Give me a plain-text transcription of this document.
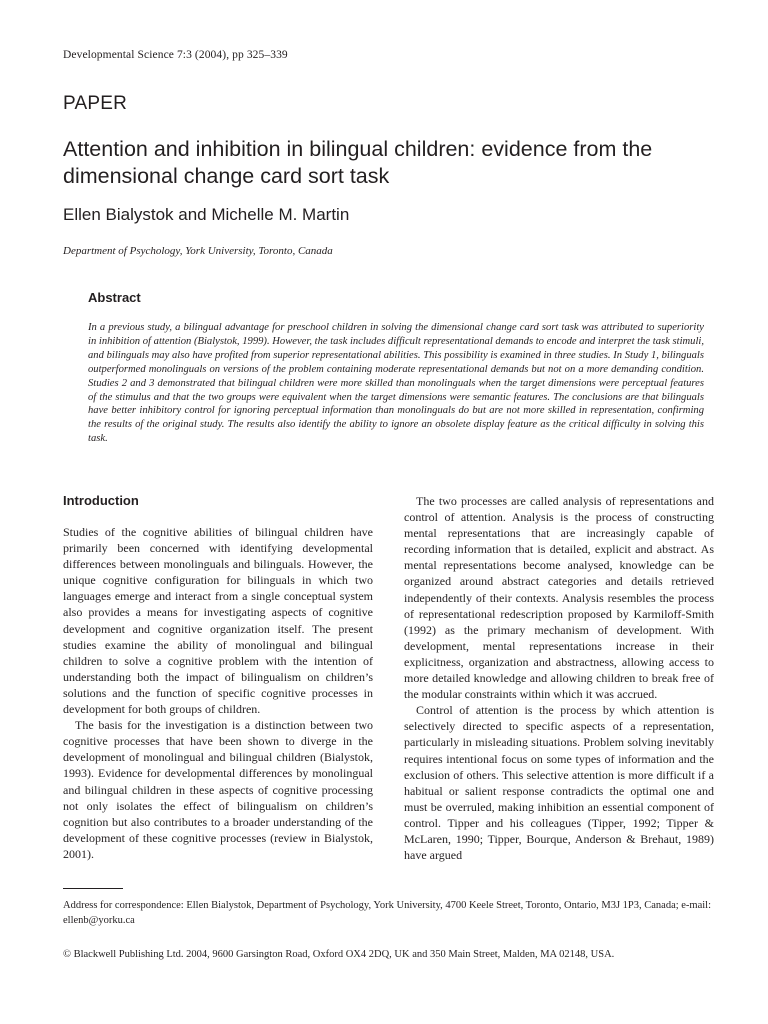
Developmental Science 7:3 (2004), pp 325–339
PAPER
Attention and inhibition in bilingual children: evidence from the dimensional change card sort task
Ellen Bialystok and Michelle M. Martin
Department of Psychology, York University, Toronto, Canada
Abstract
In a previous study, a bilingual advantage for preschool children in solving the dimensional change card sort task was attributed to superiority in inhibition of attention (Bialystok, 1999). However, the task includes difficult representational demands to encode and interpret the task stimuli, and bilinguals may also have profited from superior representational abilities. This possibility is examined in three studies. In Study 1, bilinguals outperformed monolinguals on versions of the problem containing moderate representational demands but not on a more demanding condition. Studies 2 and 3 demonstrated that bilingual children were more skilled than monolinguals when the target dimensions were perceptual features of the stimulus and that the two groups were equivalent when the target dimensions were semantic features. The conclusions are that bilinguals have better inhibitory control for ignoring perceptual information than monolinguals do but are not more skilled in representation, confirming the results of the original study. The results also identify the ability to ignore an obsolete display feature as the critical difficulty in solving this task.
Introduction

Studies of the cognitive abilities of bilingual children have primarily been concerned with identifying developmental differences between monolinguals and bilinguals. However, the unique cognitive configuration for bilinguals in which two languages emerge and interact from a single conceptual system also provides a means for investigating aspects of cognitive development and cognitive organization itself. The present studies examine the ability of monolingual and bilingual children to solve a cognitive problem with the intention of understanding both the impact of bilingualism on children’s solutions and the function of specific cognitive processes in development for both groups of children.

The basis for the investigation is a distinction between two cognitive processes that have been shown to diverge in the development of monolingual and bilingual children (Bialystok, 1993). Evidence for developmental differences by monolingual and bilingual children in these aspects of cognitive processing not only isolates the effect of bilingualism on children’s cognition but also contributes to a broader understanding of the development of these cognitive processes (review in Bialystok, 2001).

The two processes are called analysis of representations and control of attention. Analysis is the process of constructing mental representations that are increasingly capable of recording information that is detailed, explicit and abstract. As mental representations become analysed, knowledge can be organized around abstract categories and details retrieved independently of their contexts. Analysis resembles the process of representational redescription proposed by Karmiloff-Smith (1992) as the primary mechanism of development. With development, mental representations increase in their explicitness, organization and abstractness, allowing access to more detailed knowledge and allowing children to break free of the modular constraints within which it was accrued.

Control of attention is the process by which attention is selectively directed to specific aspects of a representation, particularly in misleading situations. Problem solving inevitably requires intentional focus on some types of information and the exclusion of others. This selective attention is more difficult if a habitual or salient response contradicts the optimal one and must be overruled, making inhibition an essential component of control. Tipper and his colleagues (Tipper, 1992; Tipper & McLaren, 1990; Tipper, Bourque, Anderson & Brehaut, 1989) have argued

Address for correspondence: Ellen Bialystok, Department of Psychology, York University, 4700 Keele Street, Toronto, Ontario, M3J 1P3, Canada; e-mail: ellenb@yorku.ca
© Blackwell Publishing Ltd. 2004, 9600 Garsington Road, Oxford OX4 2DQ, UK and 350 Main Street, Malden, MA 02148, USA.
